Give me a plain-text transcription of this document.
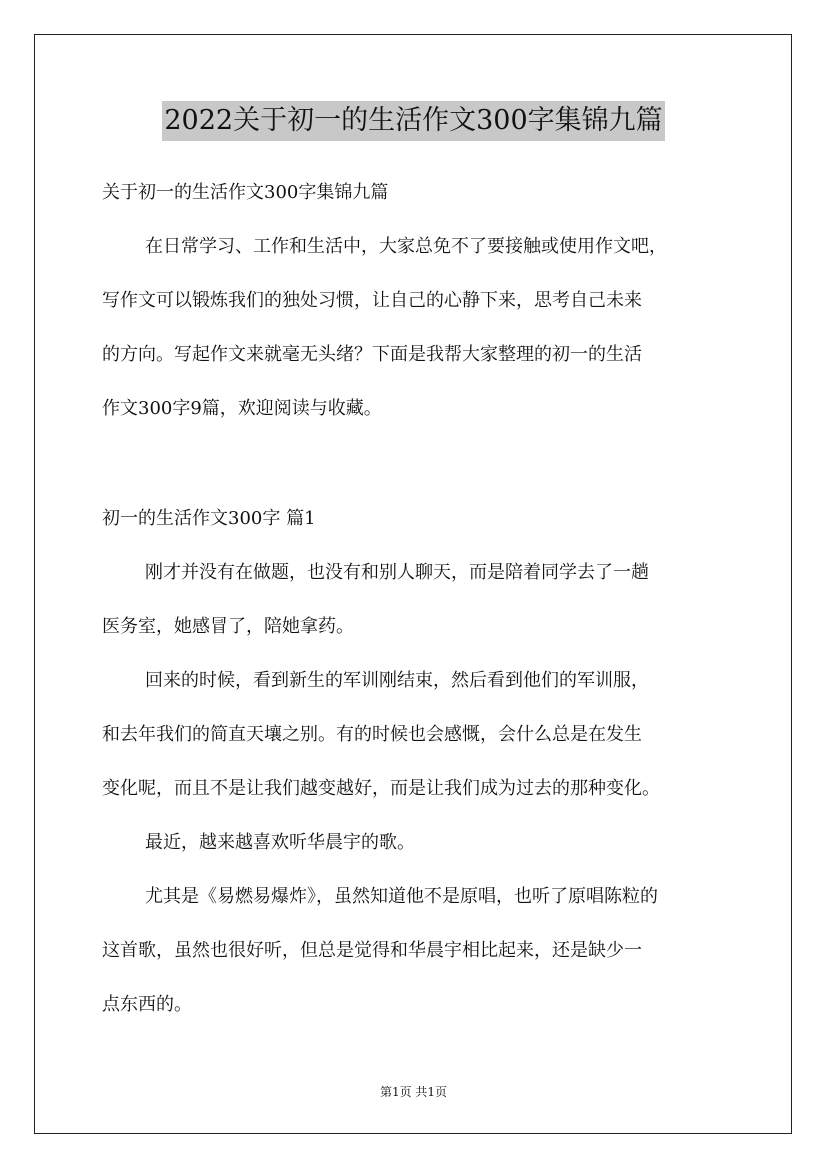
2022关于初一的生活作文300字集锦九篇
关于初一的生活作文300字集锦九篇
在日常学习、工作和生活中，大家总免不了要接触或使用作文吧，
写作文可以锻炼我们的独处习惯，让自己的心静下来，思考自己未来
的方向。写起作文来就毫无头绪？下面是我帮大家整理的初一的生活
作文300字9篇，欢迎阅读与收藏。
初一的生活作文300字 篇1
刚才并没有在做题，也没有和别人聊天，而是陪着同学去了一趟
医务室，她感冒了，陪她拿药。
回来的时候，看到新生的军训刚结束，然后看到他们的军训服，
和去年我们的简直天壤之别。有的时候也会感慨，会什么总是在发生
变化呢，而且不是让我们越变越好，而是让我们成为过去的那种变化。
最近，越来越喜欢听华晨宇的歌。
尤其是《易燃易爆炸》，虽然知道他不是原唱，也听了原唱陈粒的
这首歌，虽然也很好听，但总是觉得和华晨宇相比起来，还是缺少一
点东西的。
第1页 共1页
